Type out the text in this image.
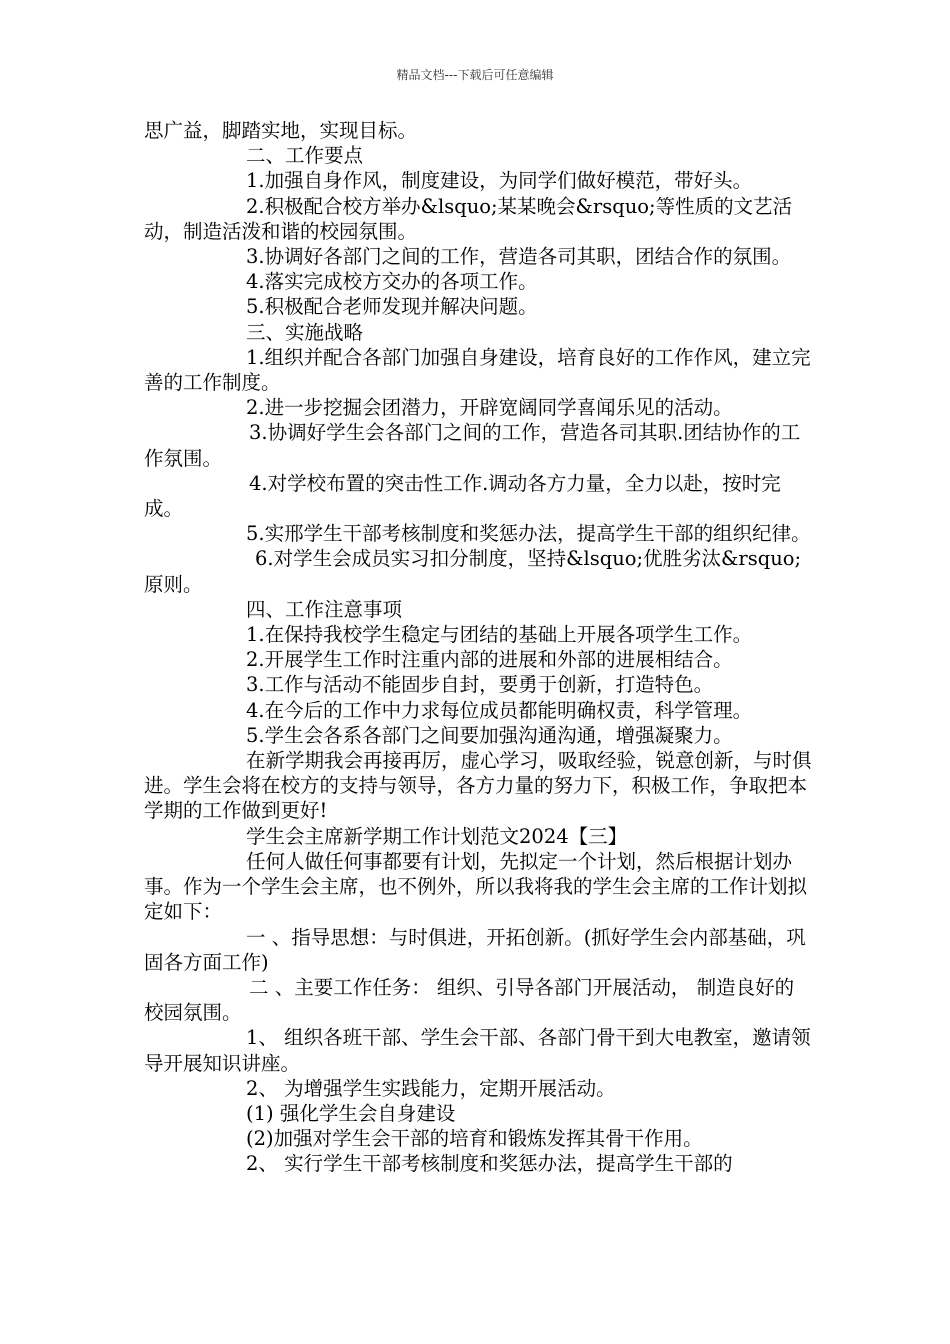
精品文档---下载后可任意编辑

思广益，脚踏实地，实现目标。

二、工作要点

1.加强自身作风，制度建设，为同学们做好模范，带好头。

2.积极配合校方举办&lsquo;某某晚会&rsquo;等性质的文艺活动，制造活泼和谐的校园氛围。

3.协调好各部门之间的工作，营造各司其职，团结合作的氛围。

4.落实完成校方交办的各项工作。

5.积极配合老师发现并解决问题。

三、实施战略

1.组织并配合各部门加强自身建设，培育良好的工作作风，建立完善的工作制度。

2.进一步挖掘会团潜力，开辟宽阔同学喜闻乐见的活动。

3.协调好学生会各部门之间的工作，营造各司其职.团结协作的工作氛围。

4.对学校布置的突击性工作.调动各方力量，全力以赴，按时完成。

5.实邢学生干部考核制度和奖惩办法，提高学生干部的组织纪律。

6.对学生会成员实习扣分制度，坚持&lsquo;优胜劣汰&rsquo;原则。

四、工作注意事项

1.在保持我校学生稳定与团结的基础上开展各项学生工作。

2.开展学生工作时注重内部的进展和外部的进展相结合。

3.工作与活动不能固步自封，要勇于创新，打造特色。

4.在今后的工作中力求每位成员都能明确权责，科学管理。

5.学生会各系各部门之间要加强沟通沟通，增强凝聚力。

在新学期我会再接再厉，虚心学习，吸取经验，锐意创新，与时俱进。学生会将在校方的支持与领导，各方力量的努力下，积极工作，争取把本学期的工作做到更好!

学生会主席新学期工作计划范文2024【三】

任何人做任何事都要有计划，先拟定一个计划，然后根据计划办事。作为一个学生会主席，也不例外，所以我将我的学生会主席的工作计划拟定如下：

一 、指导思想：与时俱进，开拓创新。(抓好学生会内部基础，巩固各方面工作)

二 、主要工作任务： 组织、引导各部门开展活动， 制造良好的校园氛围。

1、 组织各班干部、学生会干部、各部门骨干到大电教室，邀请领导开展知识讲座。

2、 为增强学生实践能力，定期开展活动。

(1) 强化学生会自身建设

(2)加强对学生会干部的培育和锻炼发挥其骨干作用。

2、 实行学生干部考核制度和奖惩办法，提高学生干部的
